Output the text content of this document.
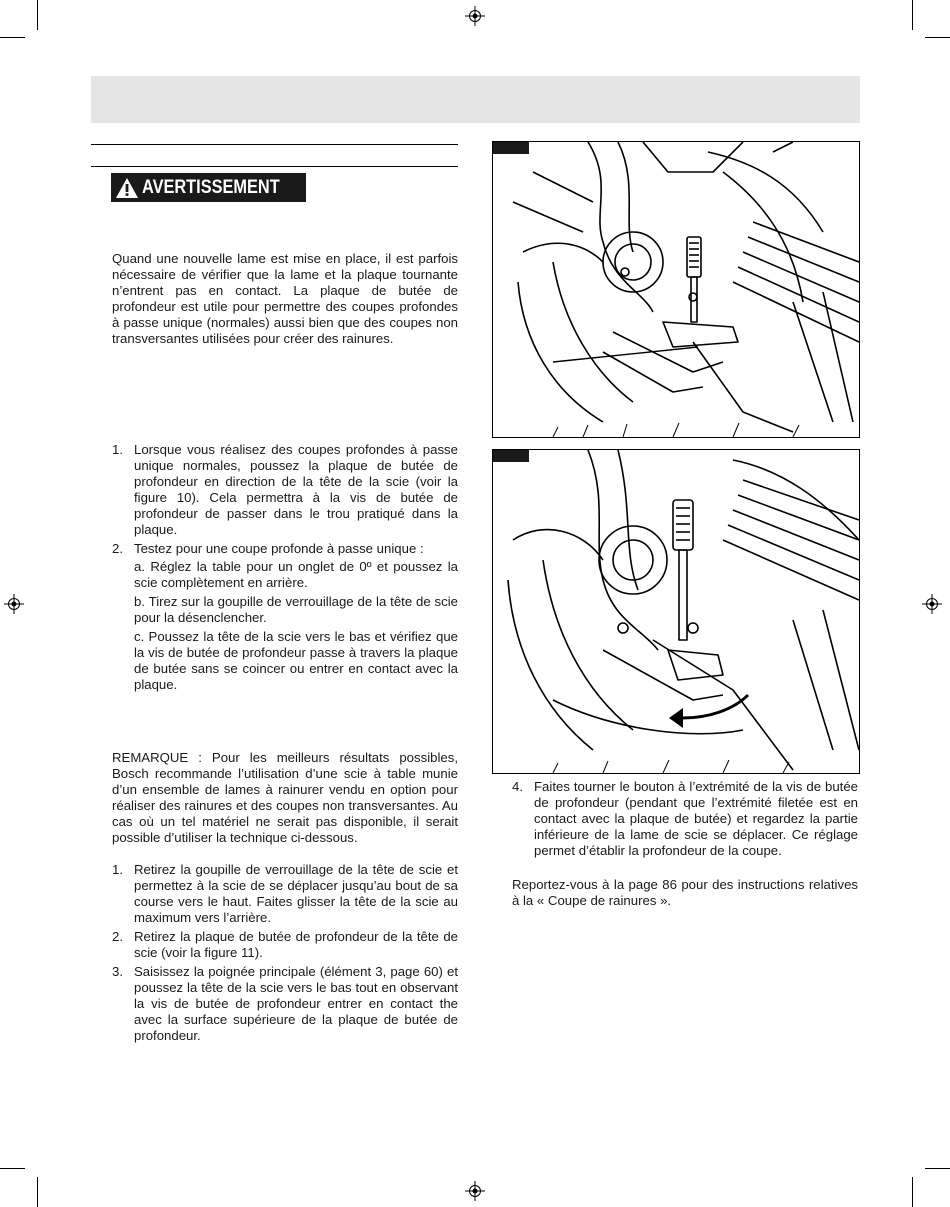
AVERTISSEMENT

Quand une nouvelle lame est mise en place, il est parfois nécessaire de vérifier que la lame et la plaque tournante n’entrent pas en contact. La plaque de butée de profondeur est utile pour permettre des coupes profondes à passe unique (normales) aussi bien que des coupes non transversantes utilisées pour créer des rainures.

1. Lorsque vous réalisez des coupes profondes à passe unique normales, poussez la plaque de butée de profondeur en direction de la tête de la scie (voir la figure 10). Cela permettra à la vis de butée de profondeur de passer dans le trou pratiqué dans la plaque.
2. Testez pour une coupe profonde à passe unique :
a. Réglez la table pour un onglet de 0º et poussez la scie complètement en arrière.
b. Tirez sur la goupille de verrouillage de la tête de scie pour la désenclencher.
c. Poussez la tête de la scie vers le bas et vérifiez que la vis de butée de profondeur passe à travers la plaque de butée sans se coincer ou entrer en contact avec la plaque.

REMARQUE : Pour les meilleurs résultats possibles, Bosch recommande l’utilisation d’une scie à table munie d’un ensemble de lames à rainurer vendu en option pour réaliser des rainures et des coupes non transversantes. Au cas où un tel matériel ne serait pas disponible, il serait possible d’utiliser la technique ci-dessous.

1. Retirez la goupille de verrouillage de la tête de scie et permettez à la scie de se déplacer jusqu’au bout de sa course vers le haut. Faites glisser la tête de la scie au maximum vers l’arrière.
2. Retirez la plaque de butée de profondeur de la tête de scie (voir la figure 11).
3. Saisissez la poignée principale (élément 3, page 60) et poussez la tête de la scie vers le bas tout en observant la vis de butée de profondeur entrer en contact the avec la surface supérieure de la plaque de butée de profondeur.
4. Faites tourner le bouton à l’extrémité de la vis de butée de profondeur (pendant que l’extrémité filetée est en contact avec la plaque de butée) et regardez la partie inférieure de la lame de scie se déplacer. Ce réglage permet d’établir la profondeur de la coupe.

Reportez-vous à la page 86 pour des instructions relatives à la « Coupe de rainures ».
